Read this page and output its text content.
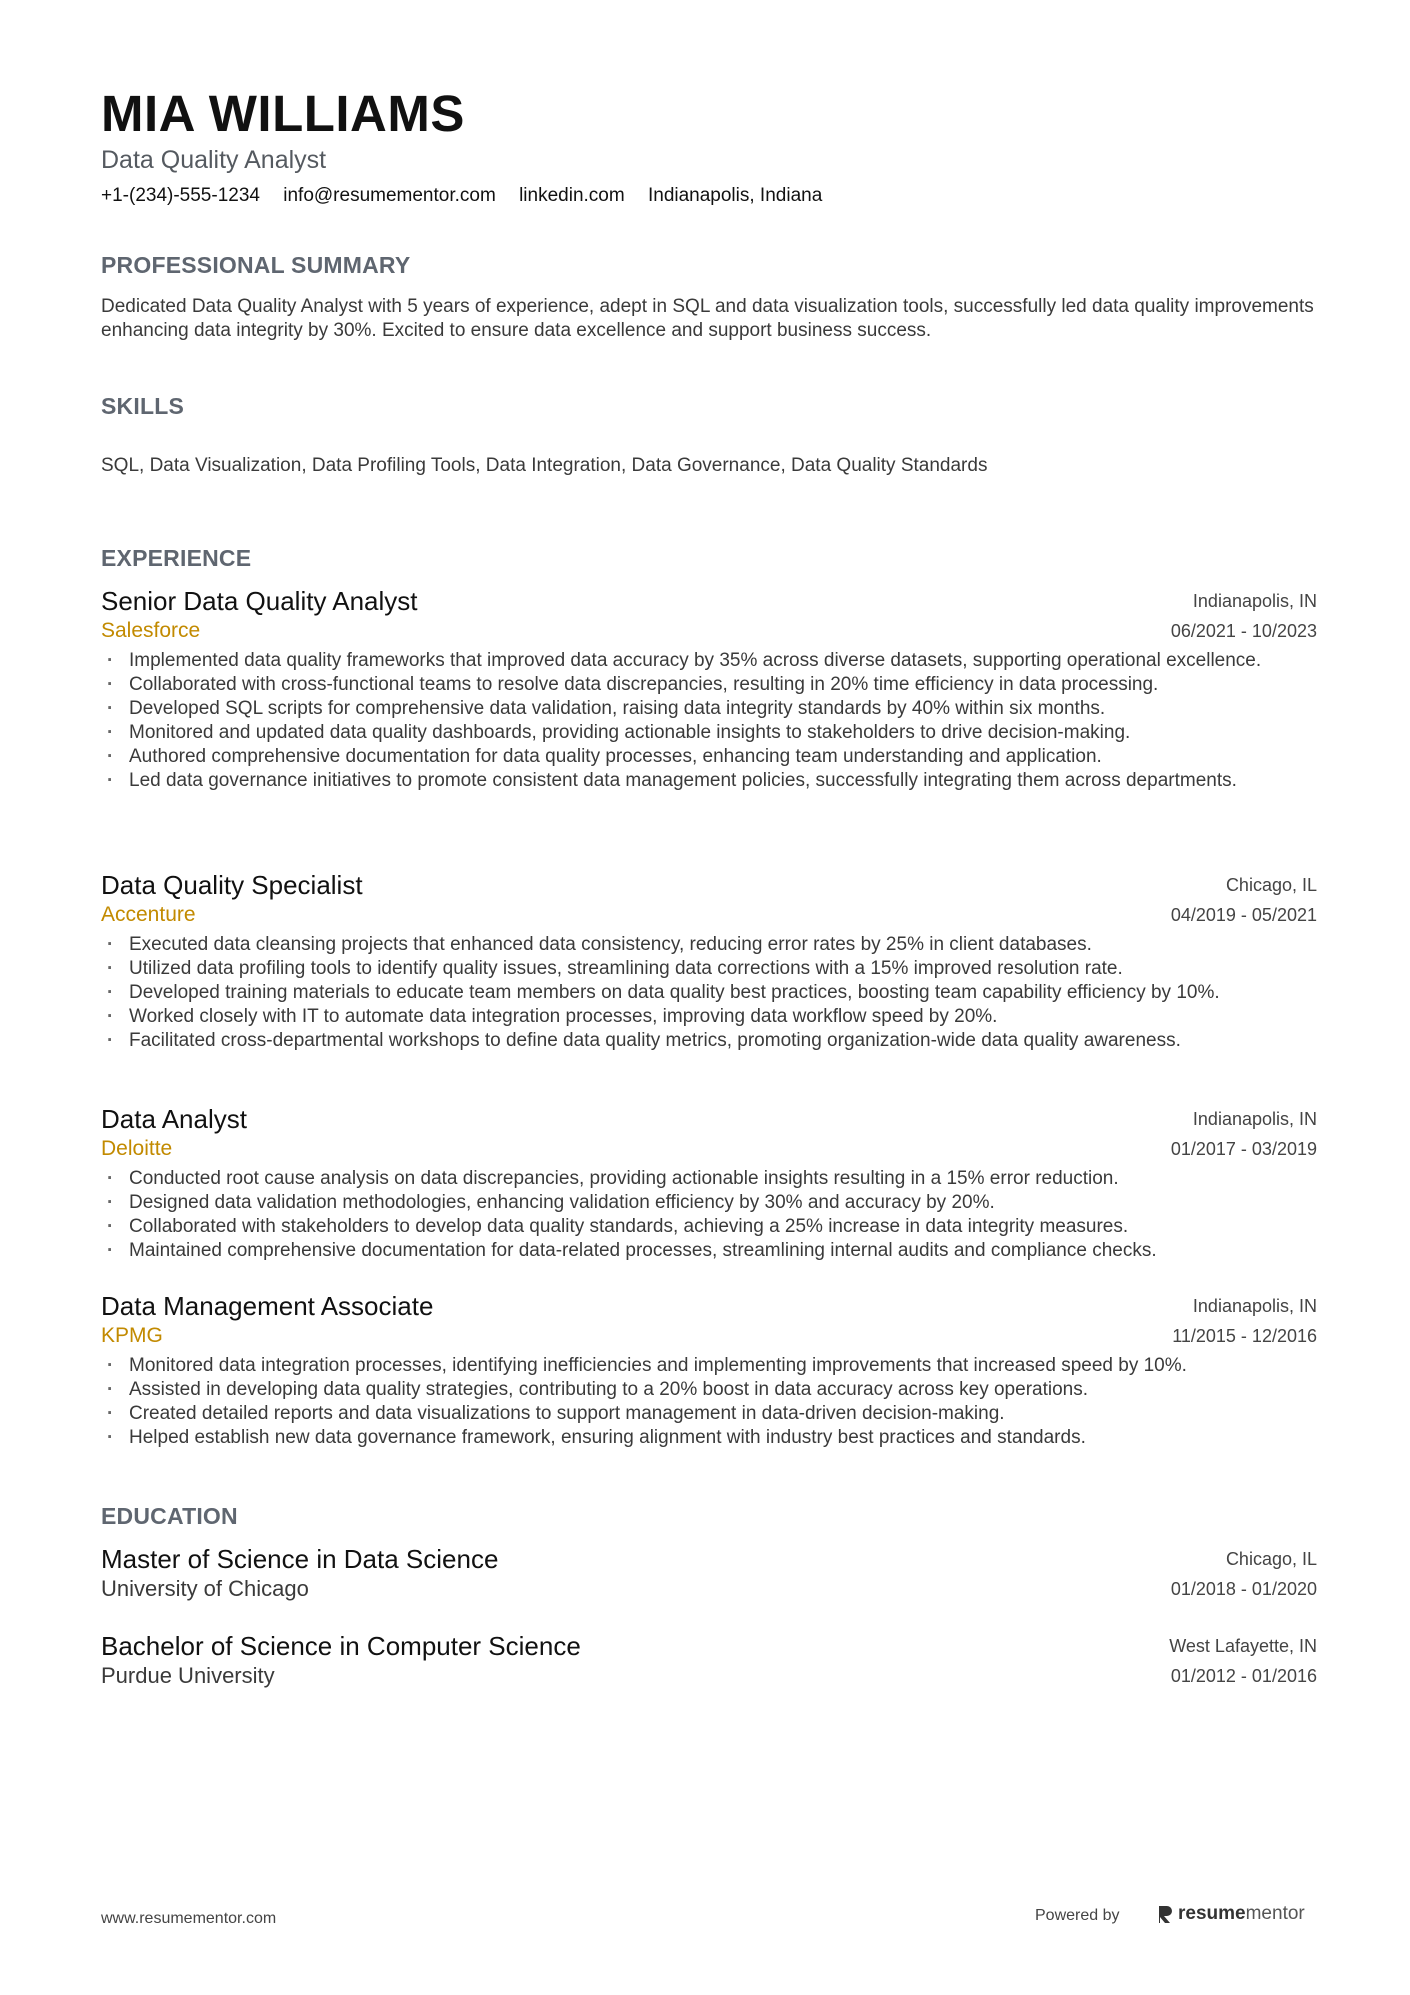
MIA WILLIAMS
Data Quality Analyst
+1-(234)-555-1234 info@resumementor.com linkedin.com Indianapolis, Indiana
PROFESSIONAL SUMMARY

Dedicated Data Quality Analyst with 5 years of experience, adept in SQL and data visualization tools, successfully led data quality improvements enhancing data integrity by 30%. Excited to ensure data excellence and support business success.

SKILLS

SQL, Data Visualization, Data Profiling Tools, Data Integration, Data Governance, Data Quality Standards

EXPERIENCE
Senior Data Quality Analyst
Salesforce
Indianapolis, IN
06/2021 - 10/2023
· Implemented data quality frameworks that improved data accuracy by 35% across diverse datasets, supporting operational excellence.
· Collaborated with cross-functional teams to resolve data discrepancies, resulting in 20% time efficiency in data processing.
· Developed SQL scripts for comprehensive data validation, raising data integrity standards by 40% within six months.
· Monitored and updated data quality dashboards, providing actionable insights to stakeholders to drive decision-making.
· Authored comprehensive documentation for data quality processes, enhancing team understanding and application.
· Led data governance initiatives to promote consistent data management policies, successfully integrating them across departments.
Data Quality Specialist
Accenture
Chicago, IL
04/2019 - 05/2021
· Executed data cleansing projects that enhanced data consistency, reducing error rates by 25% in client databases.
· Utilized data profiling tools to identify quality issues, streamlining data corrections with a 15% improved resolution rate.
· Developed training materials to educate team members on data quality best practices, boosting team capability efficiency by 10%.
· Worked closely with IT to automate data integration processes, improving data workflow speed by 20%.
· Facilitated cross-departmental workshops to define data quality metrics, promoting organization-wide data quality awareness.
Data Analyst
Deloitte
Indianapolis, IN
01/2017 - 03/2019
· Conducted root cause analysis on data discrepancies, providing actionable insights resulting in a 15% error reduction.
· Designed data validation methodologies, enhancing validation efficiency by 30% and accuracy by 20%.
· Collaborated with stakeholders to develop data quality standards, achieving a 25% increase in data integrity measures.
· Maintained comprehensive documentation for data-related processes, streamlining internal audits and compliance checks.
Data Management Associate
KPMG
Indianapolis, IN
11/2015 - 12/2016
· Monitored data integration processes, identifying inefficiencies and implementing improvements that increased speed by 10%.
· Assisted in developing data quality strategies, contributing to a 20% boost in data accuracy across key operations.
· Created detailed reports and data visualizations to support management in data-driven decision-making.
· Helped establish new data governance framework, ensuring alignment with industry best practices and standards.
EDUCATION
Master of Science in Data Science
University of Chicago
Chicago, IL
01/2018 - 01/2020
Bachelor of Science in Computer Science
Purdue University
West Lafayette, IN
01/2012 - 01/2016
www.resumementor.com	Powered by	resumementor
